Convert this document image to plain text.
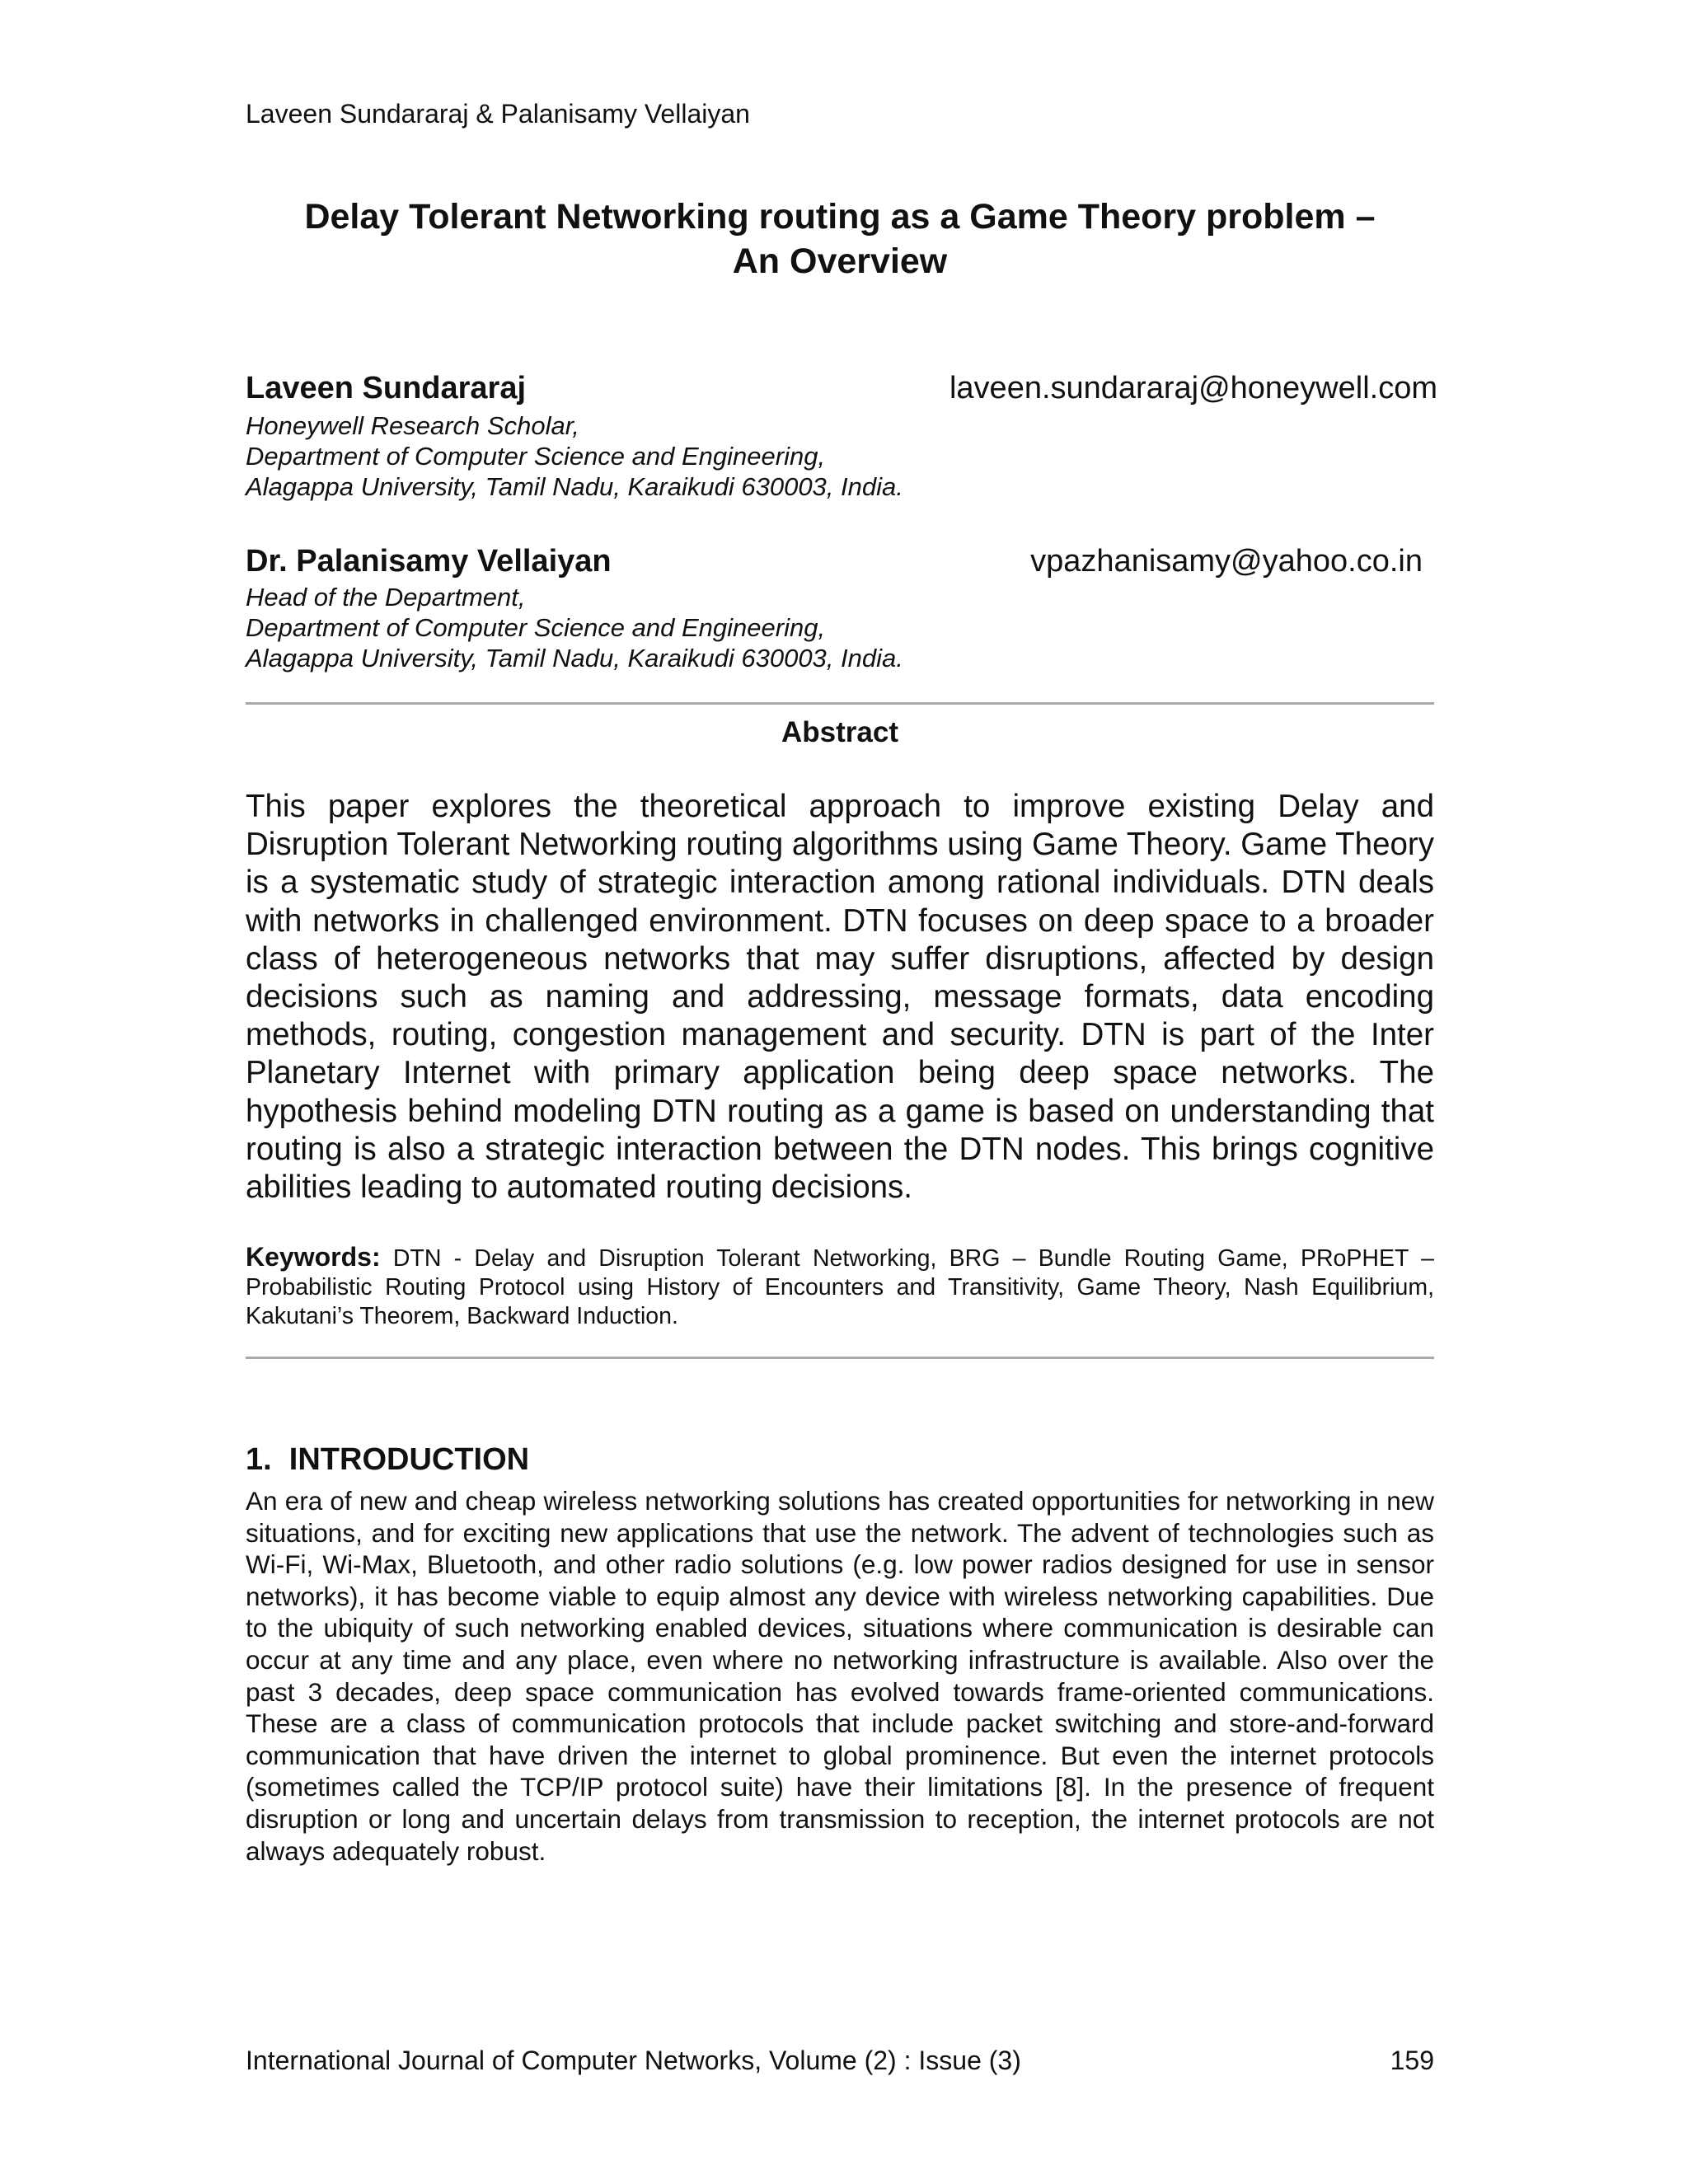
Laveen Sundararaj & Palanisamy Vellaiyan
Delay Tolerant Networking routing as a Game Theory problem –
An Overview
Laveen Sundararaj	laveen.sundararaj@honeywell.com
Honeywell Research Scholar,
Department of Computer Science and Engineering,
Alagappa University, Tamil Nadu, Karaikudi 630003, India.
Dr. Palanisamy Vellaiyan	vpazhanisamy@yahoo.co.in
Head of the Department,
Department of Computer Science and Engineering,
Alagappa University, Tamil Nadu, Karaikudi 630003, India.
Abstract

This paper explores the theoretical approach to improve existing Delay and Disruption Tolerant Networking routing algorithms using Game Theory. Game Theory is a systematic study of strategic interaction among rational individuals. DTN deals with networks in challenged environment. DTN focuses on deep space to a broader class of heterogeneous networks that may suffer disruptions, affected by design decisions such as naming and addressing, message formats, data encoding methods, routing, congestion management and security. DTN is part of the Inter Planetary Internet with primary application being deep space networks. The hypothesis behind modeling DTN routing as a game is based on understanding that routing is also a strategic interaction between the DTN nodes. This brings cognitive abilities leading to automated routing decisions.

Keywords: DTN - Delay and Disruption Tolerant Networking, BRG – Bundle Routing Game, PRoPHET – Probabilistic Routing Protocol using History of Encounters and Transitivity, Game Theory, Nash Equilibrium, Kakutani’s Theorem, Backward Induction.

1.  INTRODUCTION

An era of new and cheap wireless networking solutions has created opportunities for networking in new situations, and for exciting new applications that use the network. The advent of technologies such as Wi-Fi, Wi-Max, Bluetooth, and other radio solutions (e.g. low power radios designed for use in sensor networks), it has become viable to equip almost any device with wireless networking capabilities. Due to the ubiquity of such networking enabled devices, situations where communication is desirable can occur at any time and any place, even where no networking infrastructure is available. Also over the past 3 decades, deep space communication has evolved towards frame-oriented communications. These are a class of communication protocols that include packet switching and store-and-forward communication that have driven the internet to global prominence. But even the internet protocols (sometimes called the TCP/IP protocol suite) have their limitations [8]. In the presence of frequent disruption or long and uncertain delays from transmission to reception, the internet protocols are not always adequately robust.

International Journal of Computer Networks, Volume (2) : Issue (3)	159
